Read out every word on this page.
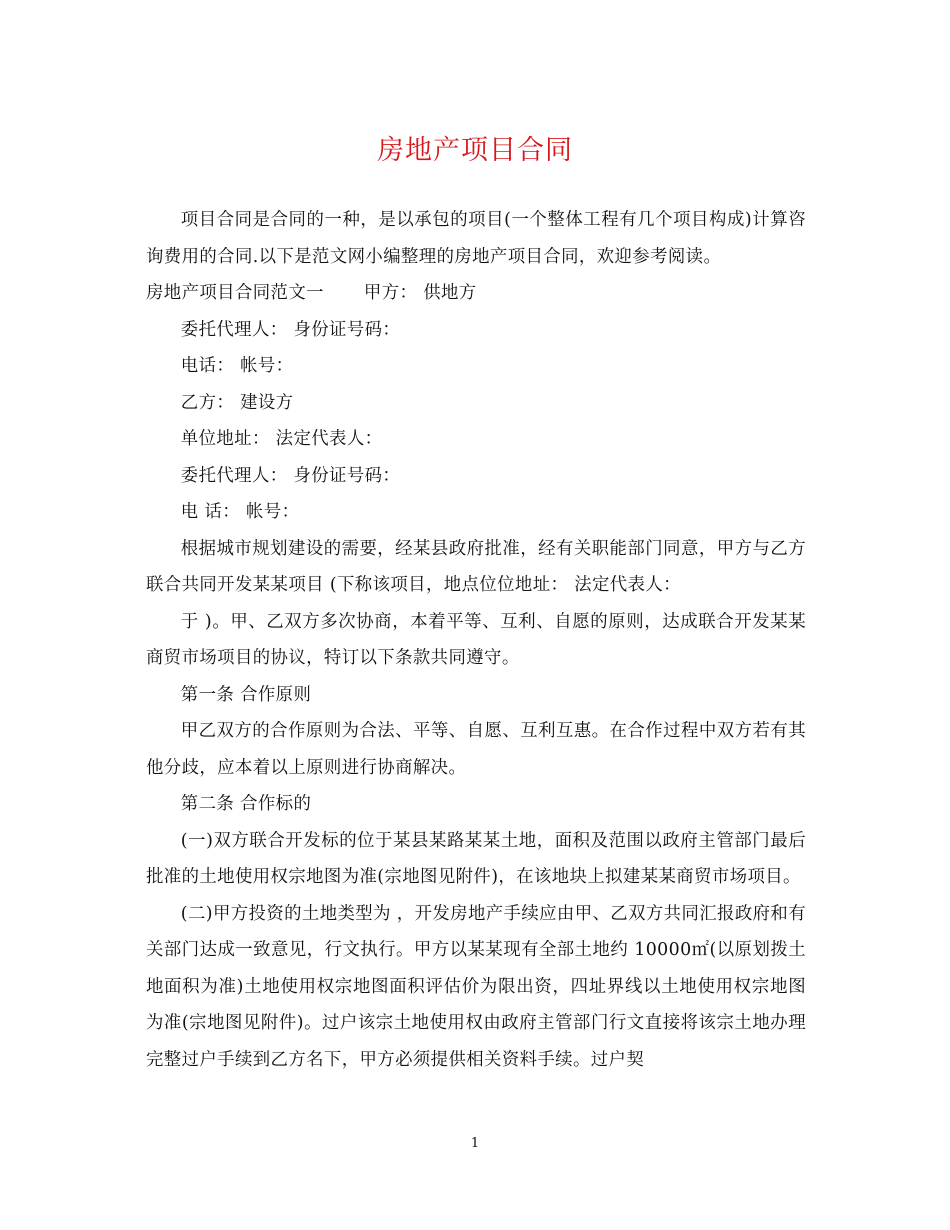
房地产项目合同

项目合同是合同的一种，是以承包的项目(一个整体工程有几个项目构成)计算咨询费用的合同.以下是范文网小编整理的房地产项目合同，欢迎参考阅读。

房地产项目合同范文一 甲方： 供地方

委托代理人： 身份证号码：

电话： 帐号：

乙方： 建设方

单位地址： 法定代表人：

委托代理人： 身份证号码：

电 话： 帐号：

根据城市规划建设的需要，经某县政府批准，经有关职能部门同意，甲方与乙方联合共同开发某某项目 (下称该项目，地点位位地址： 法定代表人：

于 )。甲、乙双方多次协商，本着平等、互利、自愿的原则，达成联合开发某某商贸市场项目的协议，特订以下条款共同遵守。

第一条 合作原则

甲乙双方的合作原则为合法、平等、自愿、互利互惠。在合作过程中双方若有其他分歧，应本着以上原则进行协商解决。

第二条 合作标的

(一)双方联合开发标的位于某县某路某某土地，面积及范围以政府主管部门最后批准的土地使用权宗地图为准(宗地图见附件)，在该地块上拟建某某商贸市场项目。

(二)甲方投资的土地类型为 ，开发房地产手续应由甲、乙双方共同汇报政府和有关部门达成一致意见，行文执行。甲方以某某现有全部土地约 10000㎡(以原划拨土地面积为准)土地使用权宗地图面积评估价为限出资，四址界线以土地使用权宗地图为准(宗地图见附件)。过户该宗土地使用权由政府主管部门行文直接将该宗土地办理完整过户手续到乙方名下，甲方必须提供相关资料手续。过户契

1
